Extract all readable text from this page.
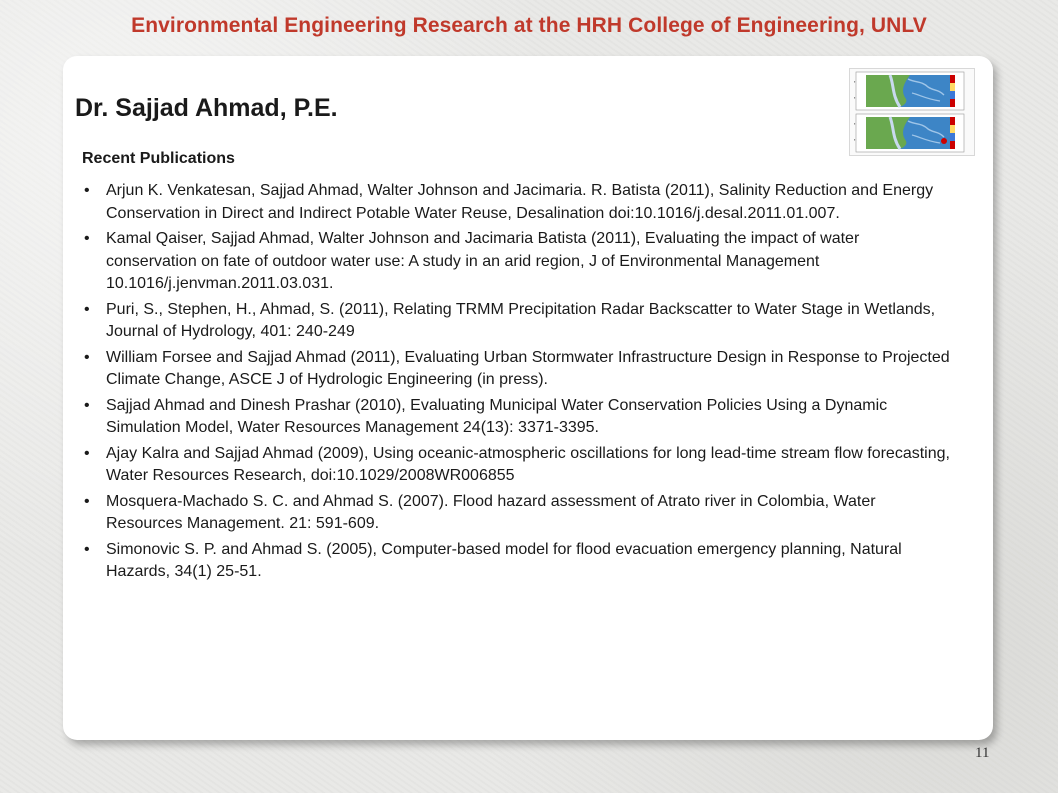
Environmental Engineering Research at the HRH College of Engineering, UNLV
Dr. Sajjad Ahmad, P.E.
▪
▪
▪
▪
Recent Publications
• Arjun K. Venkatesan, Sajjad Ahmad, Walter Johnson and Jacimaria. R. Batista (2011), Salinity Reduction and Energy Conservation in Direct and Indirect Potable Water Reuse, Desalination doi:10.1016/j.desal.2011.01.007.
• Kamal Qaiser, Sajjad Ahmad, Walter Johnson and Jacimaria Batista (2011), Evaluating the impact of water conservation on fate of outdoor water use: A study in an arid region, J of Environmental Management 10.1016/j.jenvman.2011.03.031.
• Puri, S., Stephen, H., Ahmad, S. (2011), Relating TRMM Precipitation Radar Backscatter to Water Stage in Wetlands, Journal of Hydrology, 401: 240-249
• William Forsee and Sajjad Ahmad (2011), Evaluating Urban Stormwater Infrastructure Design in Response to Projected Climate Change, ASCE J of Hydrologic Engineering (in press).
• Sajjad Ahmad and Dinesh Prashar (2010), Evaluating Municipal Water Conservation Policies Using a Dynamic Simulation Model, Water Resources Management 24(13): 3371-3395.
• Ajay Kalra and Sajjad Ahmad (2009), Using oceanic-atmospheric oscillations for long lead-time stream flow forecasting, Water Resources Research, doi:10.1029/2008WR006855
• Mosquera-Machado S. C. and Ahmad S. (2007). Flood hazard assessment of Atrato river in Colombia, Water Resources Management. 21: 591-609.
• Simonovic S. P. and Ahmad S. (2005), Computer-based model for flood evacuation emergency planning, Natural Hazards, 34(1) 25-51.

11
